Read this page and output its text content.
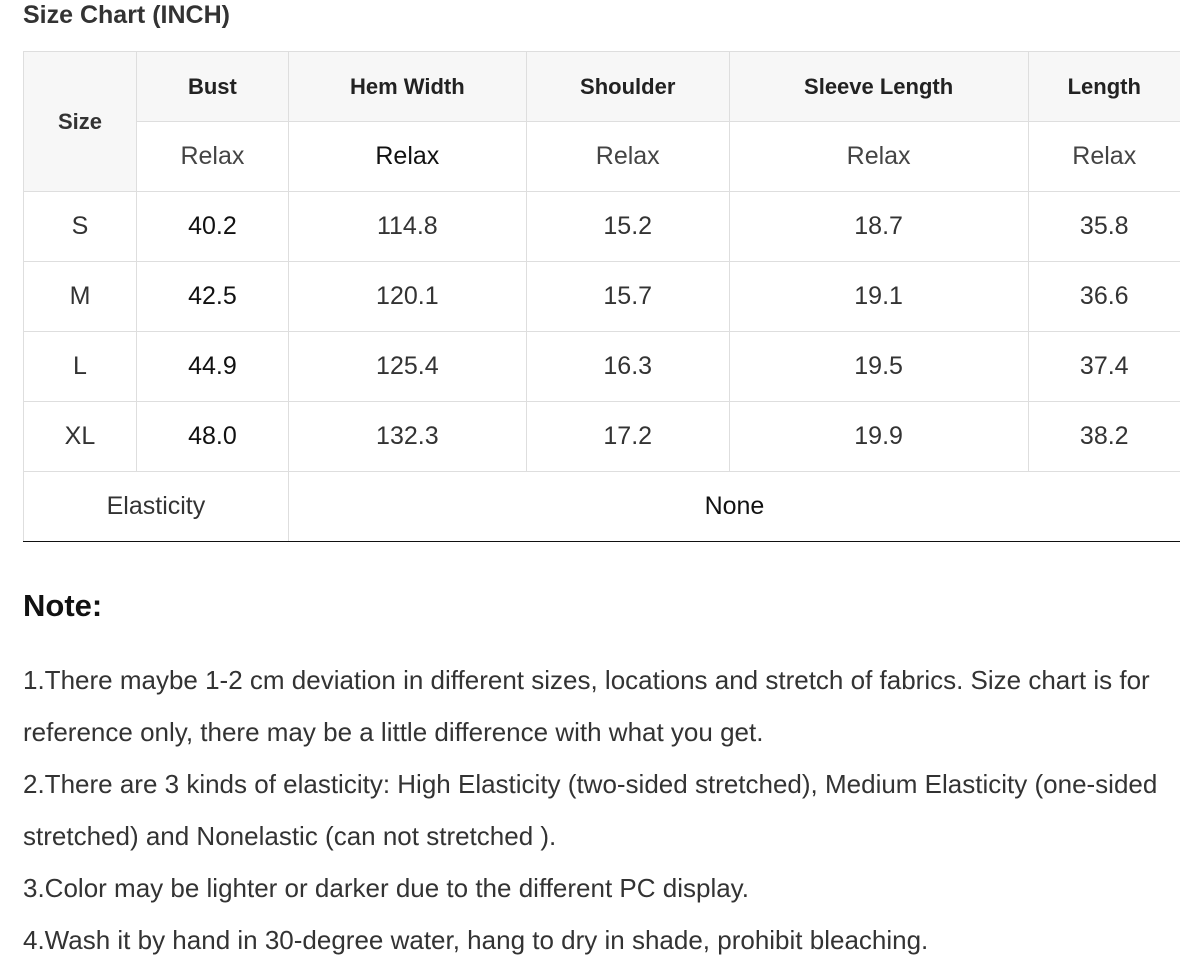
Size Chart (INCH)
Size	Bust	Hem Width	Shoulder	Sleeve Length	Length
	Relax	Relax	Relax	Relax	Relax
S	40.2	114.8	15.2	18.7	35.8
M	42.5	120.1	15.7	19.1	36.6
L	44.9	125.4	16.3	19.5	37.4
XL	48.0	132.3	17.2	19.9	38.2
Elasticity		None			
Note:

1.There maybe 1-2 cm deviation in different sizes, locations and stretch of fabrics. Size chart is for reference only, there may be a little difference with what you get.

2.There are 3 kinds of elasticity: High Elasticity (two-sided stretched), Medium Elasticity (one-sided stretched) and Nonelastic (can not stretched ).

3.Color may be lighter or darker due to the different PC display.

4.Wash it by hand in 30-degree water, hang to dry in shade, prohibit bleaching.
